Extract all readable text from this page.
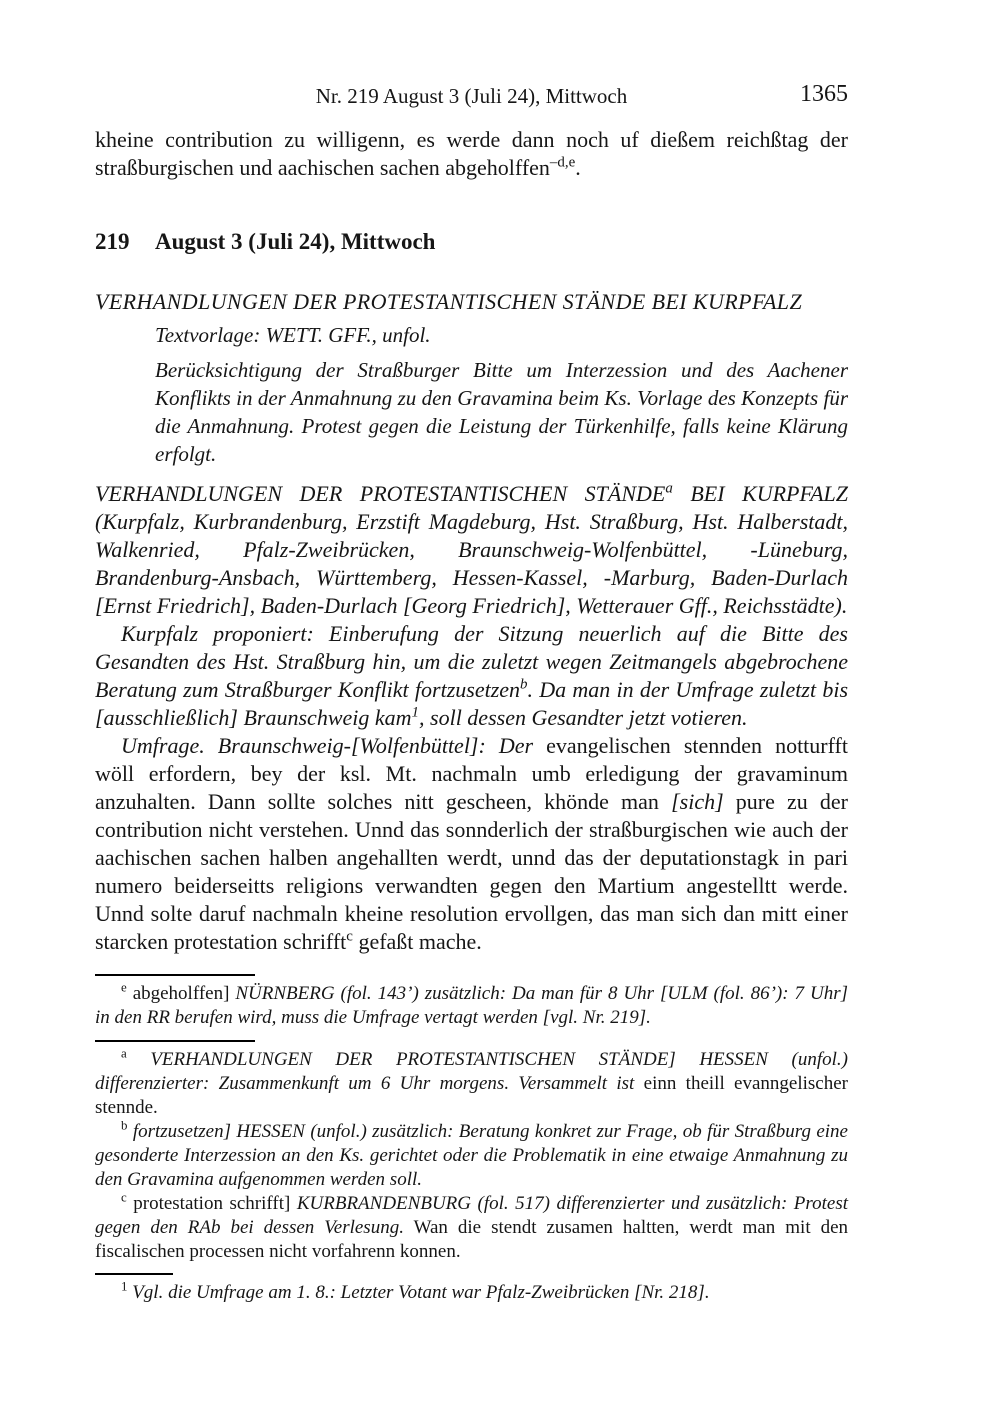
Nr. 219 August 3 (Juli 24), Mittwoch	1365

kheine contribution zu willigenn, es werde dann noch uf dießem reichßtag der straßburgischen und aachischen sachen abgeholffen$^{-d,e}$.

219 August 3 (Juli 24), Mittwoch

VERHANDLUNGEN DER PROTESTANTISCHEN STÄNDE BEI KURPFALZ

Textvorlage: WETT. GFF., unfol.

Berücksichtigung der Straßburger Bitte um Interzession und des Aachener Konflikts in der Anmahnung zu den Gravamina beim Ks. Vorlage des Konzepts für die Anmahnung. Protest gegen die Leistung der Türkenhilfe, falls keine Klärung erfolgt.

VERHANDLUNGEN DER PROTESTANTISCHEN STÄNDE$^a$ BEI KURPFALZ (Kurpfalz, Kurbrandenburg, Erzstift Magdeburg, Hst. Straßburg, Hst. Halberstadt, Walkenried, Pfalz-Zweibrücken, Braunschweig-Wolfenbüttel, -Lüneburg, Brandenburg-Ansbach, Württemberg, Hessen-Kassel, -Marburg, Baden-Durlach [Ernst Friedrich], Baden-Durlach [Georg Friedrich], Wetterauer Gff., Reichsstädte).

Kurpfalz proponiert: Einberufung der Sitzung neuerlich auf die Bitte des Gesandten des Hst. Straßburg hin, um die zuletzt wegen Zeitmangels abgebrochene Beratung zum Straßburger Konflikt fortzusetzen$^b$. Da man in der Umfrage zuletzt bis [ausschließlich] Braunschweig kam$^1$, soll dessen Gesandter jetzt votieren.

Umfrage. Braunschweig-[Wolfenbüttel]: Der evangelischen stennden notturfft wöll erfordern, bey der ksl. Mt. nachmaln umb erledigung der gravaminum anzuhalten. Dann sollte solches nitt gescheen, khönde man [sich] pure zu der contribution nicht verstehen. Unnd das sonnderlich der straßburgischen wie auch der aachischen sachen halben angehallten werdt, unnd das der deputationstagk in pari numero beiderseitts religions verwandten gegen den Martium angestelltt werde. Unnd solte daruf nachmaln kheine resolution ervollgen, das man sich dan mitt einer starcken protestation schrifft$^c$ gefaßt mache.

$^e$ abgeholffen] NÜRNBERG (fol. 143’) zusätzlich: Da man für 8 Uhr [ULM (fol. 86’): 7 Uhr] in den RR berufen wird, muss die Umfrage vertagt werden [vgl. Nr. 219].

$^a$ VERHANDLUNGEN DER PROTESTANTISCHEN STÄNDE] HESSEN (unfol.) differenzierter: Zusammenkunft um 6 Uhr morgens. Versammelt ist einn theill evanngelischer stennde.

$^b$ fortzusetzen] HESSEN (unfol.) zusätzlich: Beratung konkret zur Frage, ob für Straßburg eine gesonderte Interzession an den Ks. gerichtet oder die Problematik in eine etwaige Anmahnung zu den Gravamina aufgenommen werden soll.

$^c$ protestation schrifft] KURBRANDENBURG (fol. 517) differenzierter und zusätzlich: Protest gegen den RAb bei dessen Verlesung. Wan die stendt zusamen haltten, werdt man mit den fiscalischen processen nicht vorfahrenn konnen.

$^1$ Vgl. die Umfrage am 1. 8.: Letzter Votant war Pfalz-Zweibrücken [Nr. 218].
